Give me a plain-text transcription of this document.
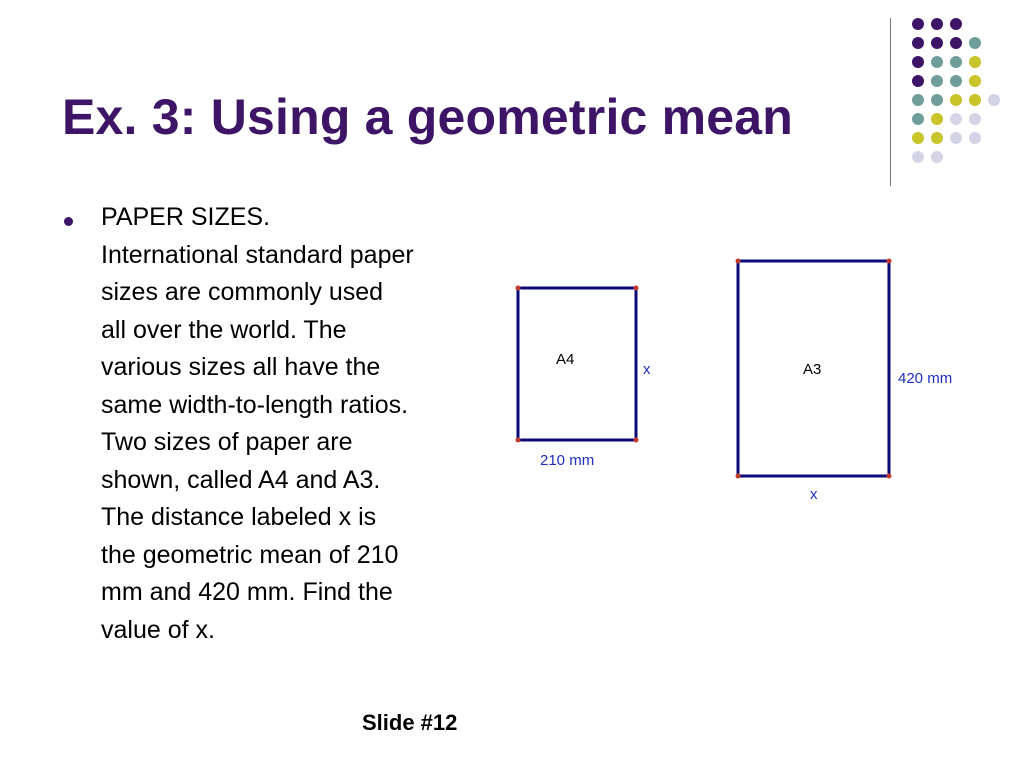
Ex. 3: Using a geometric mean

PAPER SIZES.
International standard paper
sizes are commonly used
all over the world. The
various sizes all have the
same width-to-length ratios.
Two sizes of paper are
shown, called A4 and A3.
The distance labeled x is
the geometric mean of 210
mm and 420 mm. Find the
value of x.

A4
x
210 mm
A3
420 mm
x
Slide #12
